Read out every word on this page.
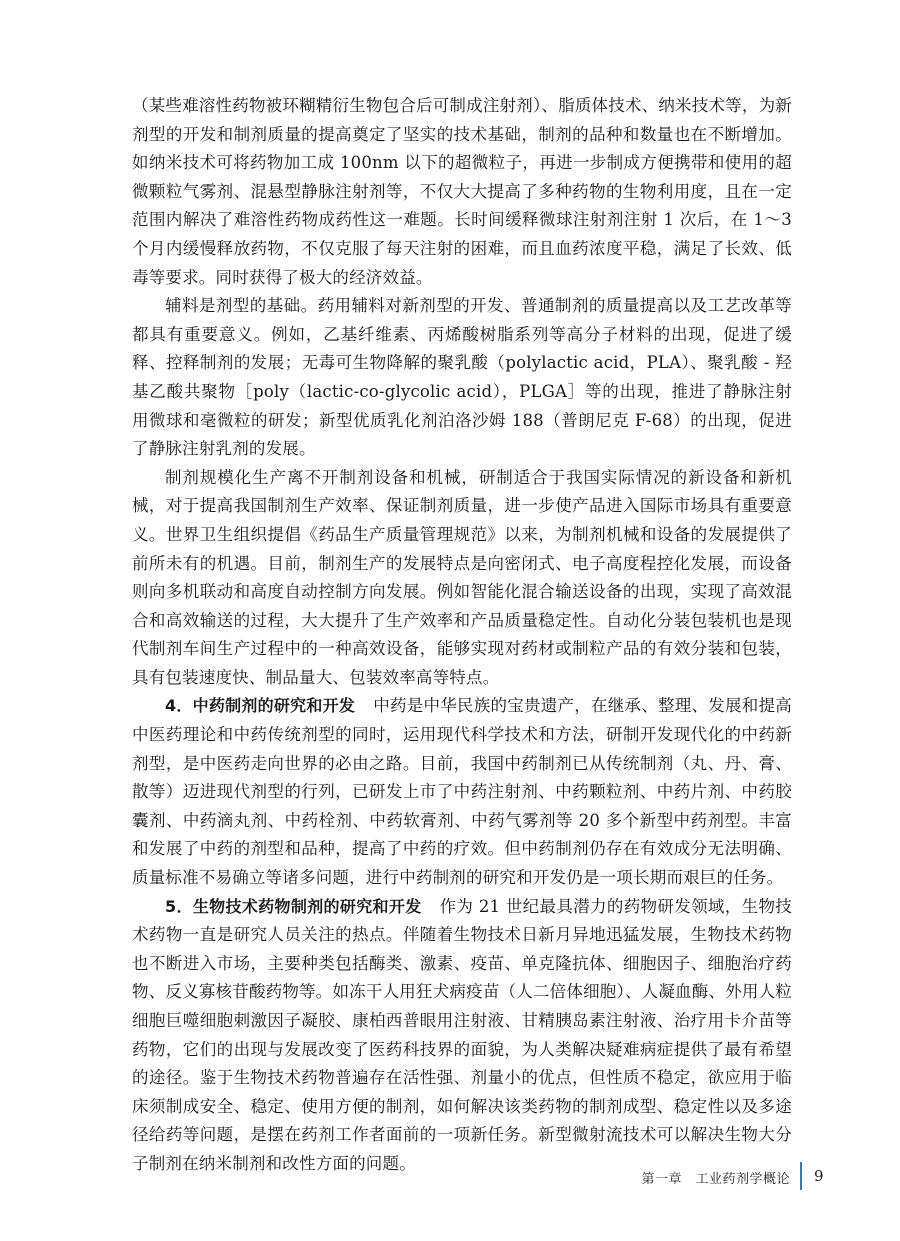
（某些难溶性药物被环糊精衍生物包合后可制成注射剂）、脂质体技术、纳米技术等，为新剂型的开发和制剂质量的提高奠定了坚实的技术基础，制剂的品种和数量也在不断增加。如纳米技术可将药物加工成 100nm 以下的超微粒子，再进一步制成方便携带和使用的超微颗粒气雾剂、混悬型静脉注射剂等，不仅大大提高了多种药物的生物利用度，且在一定范围内解决了难溶性药物成药性这一难题。长时间缓释微球注射剂注射 1 次后，在 1～3 个月内缓慢释放药物，不仅克服了每天注射的困难，而且血药浓度平稳，满足了长效、低毒等要求。同时获得了极大的经济效益。

辅料是剂型的基础。药用辅料对新剂型的开发、普通制剂的质量提高以及工艺改革等都具有重要意义。例如，乙基纤维素、丙烯酸树脂系列等高分子材料的出现，促进了缓释、控释制剂的发展；无毒可生物降解的聚乳酸（polylactic acid，PLA）、聚乳酸 - 羟基乙酸共聚物［poly（lactic-co-glycolic acid），PLGA］等的出现，推进了静脉注射用微球和毫微粒的研发；新型优质乳化剂泊洛沙姆 188（普朗尼克 F-68）的出现，促进了静脉注射乳剂的发展。

制剂规模化生产离不开制剂设备和机械，研制适合于我国实际情况的新设备和新机械，对于提高我国制剂生产效率、保证制剂质量，进一步使产品进入国际市场具有重要意义。世界卫生组织提倡《药品生产质量管理规范》以来，为制剂机械和设备的发展提供了前所未有的机遇。目前，制剂生产的发展特点是向密闭式、电子高度程控化发展，而设备则向多机联动和高度自动控制方向发展。例如智能化混合输送设备的出现，实现了高效混合和高效输送的过程，大大提升了生产效率和产品质量稳定性。自动化分装包装机也是现代制剂车间生产过程中的一种高效设备，能够实现对药材或制粒产品的有效分装和包装，具有包装速度快、制品量大、包装效率高等特点。

4．中药制剂的研究和开发 中药是中华民族的宝贵遗产，在继承、整理、发展和提高中医药理论和中药传统剂型的同时，运用现代科学技术和方法，研制开发现代化的中药新剂型，是中医药走向世界的必由之路。目前，我国中药制剂已从传统制剂（丸、丹、膏、散等）迈进现代剂型的行列，已研发上市了中药注射剂、中药颗粒剂、中药片剂、中药胶囊剂、中药滴丸剂、中药栓剂、中药软膏剂、中药气雾剂等 20 多个新型中药剂型。丰富和发展了中药的剂型和品种，提高了中药的疗效。但中药制剂仍存在有效成分无法明确、质量标准不易确立等诸多问题，进行中药制剂的研究和开发仍是一项长期而艰巨的任务。

5．生物技术药物制剂的研究和开发 作为 21 世纪最具潜力的药物研发领域，生物技术药物一直是研究人员关注的热点。伴随着生物技术日新月异地迅猛发展，生物技术药物也不断进入市场，主要种类包括酶类、激素、疫苗、单克隆抗体、细胞因子、细胞治疗药物、反义寡核苷酸药物等。如冻干人用狂犬病疫苗（人二倍体细胞）、人凝血酶、外用人粒细胞巨噬细胞刺激因子凝胶、康柏西普眼用注射液、甘精胰岛素注射液、治疗用卡介苗等药物，它们的出现与发展改变了医药科技界的面貌，为人类解决疑难病症提供了最有希望的途径。鉴于生物技术药物普遍存在活性强、剂量小的优点，但性质不稳定，欲应用于临床须制成安全、稳定、使用方便的制剂，如何解决该类药物的制剂成型、稳定性以及多途径给药等问题，是摆在药剂工作者面前的一项新任务。新型微射流技术可以解决生物大分子制剂在纳米制剂和改性方面的问题。

第一章　工业药剂学概论 9
